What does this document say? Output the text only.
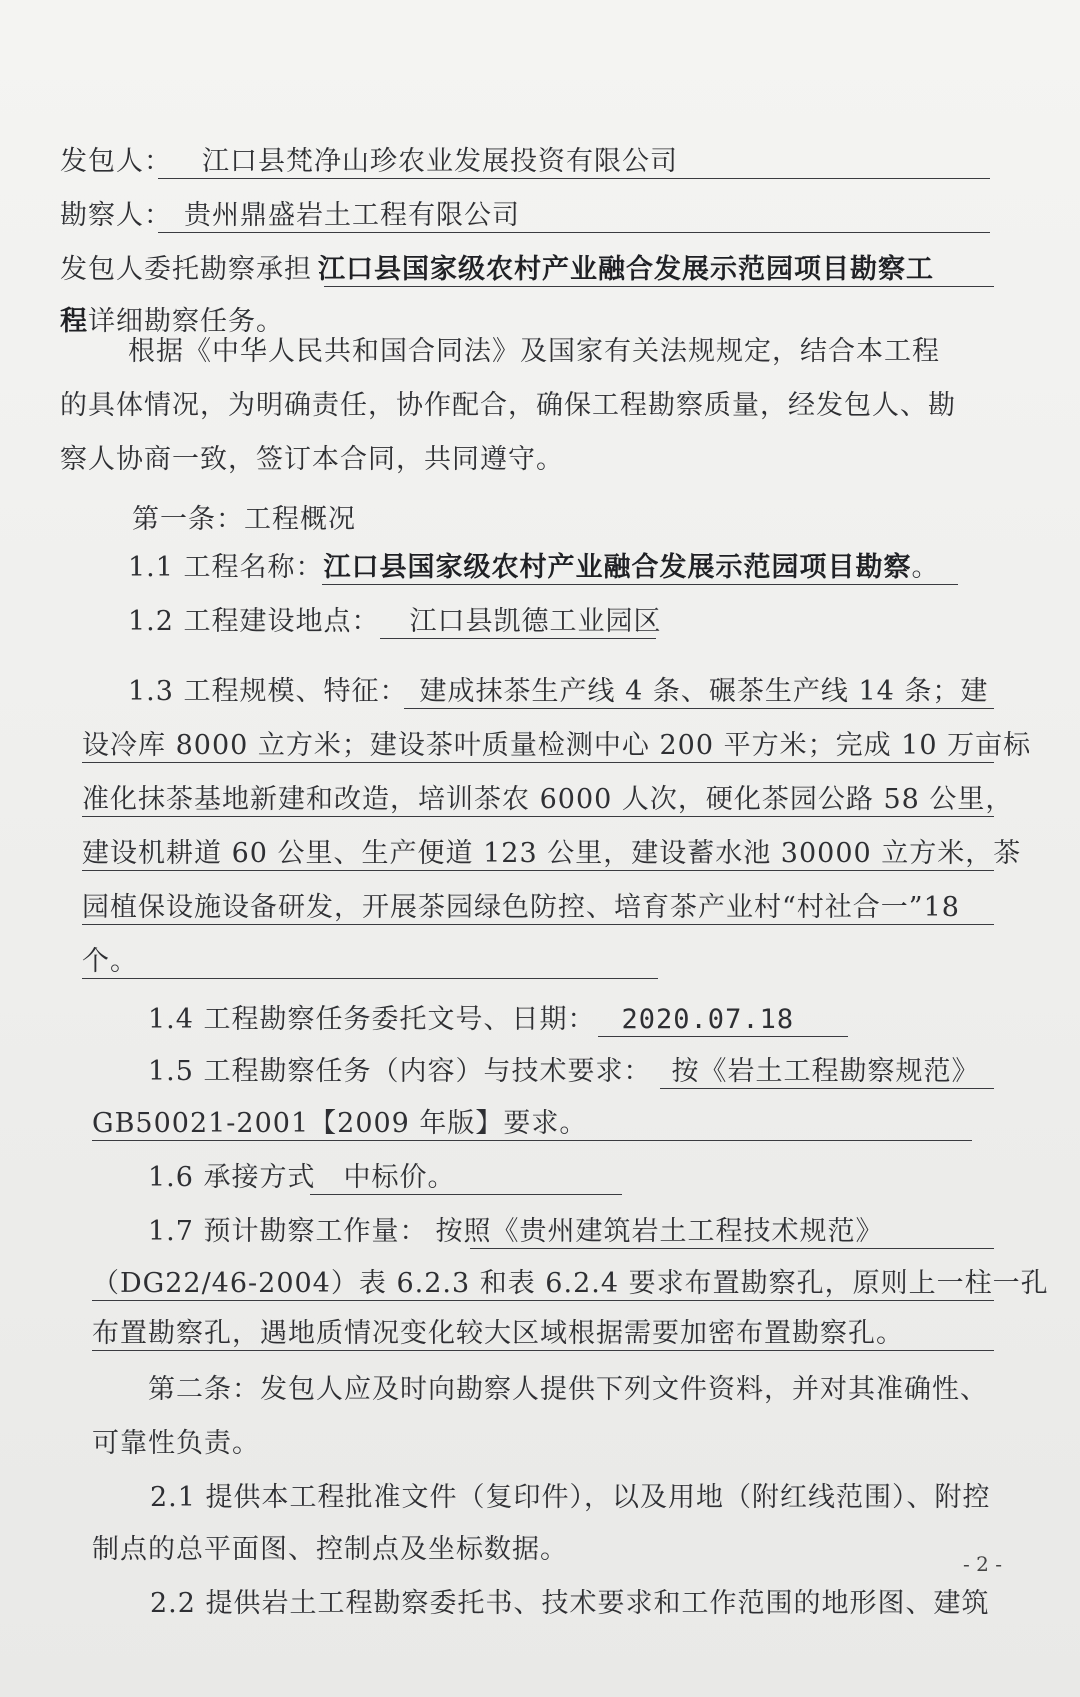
发包人： 江口县梵净山珍农业发展投资有限公司
勘察人： 贵州鼎盛岩土工程有限公司
发包人委托勘察承担 江口县国家级农村产业融合发展示范园项目勘察工
程详细勘察任务。
根据《中华人民共和国合同法》及国家有关法规规定，结合本工程
的具体情况，为明确责任，协作配合，确保工程勘察质量，经发包人、勘
察人协商一致，签订本合同，共同遵守。
第一条：工程概况
1.1 工程名称：江口县国家级农村产业融合发展示范园项目勘察。
1.2 工程建设地点： 江口县凯德工业园区
1.3 工程规模、特征： 建成抹茶生产线 4 条、碾茶生产线 14 条；建
设冷库 8000 立方米；建设茶叶质量检测中心 200 平方米；完成 10 万亩标
准化抹茶基地新建和改造，培训茶农 6000 人次，硬化茶园公路 58 公里，
建设机耕道 60 公里、生产便道 123 公里，建设蓄水池 30000 立方米，茶
园植保设施设备研发，开展茶园绿色防控、培育茶产业村“村社合一”18
个。
1.4 工程勘察任务委托文号、日期： 2020.07.18
1.5 工程勘察任务（内容）与技术要求： 按《岩土工程勘察规范》
GB50021-2001【2009 年版】要求。
1.6 承接方式 中标价。
1.7 预计勘察工作量： 按照《贵州建筑岩土工程技术规范》
（DG22/46-2004）表 6.2.3 和表 6.2.4 要求布置勘察孔，原则上一柱一孔
布置勘察孔，遇地质情况变化较大区域根据需要加密布置勘察孔。
第二条：发包人应及时向勘察人提供下列文件资料，并对其准确性、
可靠性负责。
2.1 提供本工程批准文件（复印件），以及用地（附红线范围）、附控
制点的总平面图、控制点及坐标数据。
2.2 提供岩土工程勘察委托书、技术要求和工作范围的地形图、建筑
- 2 -
